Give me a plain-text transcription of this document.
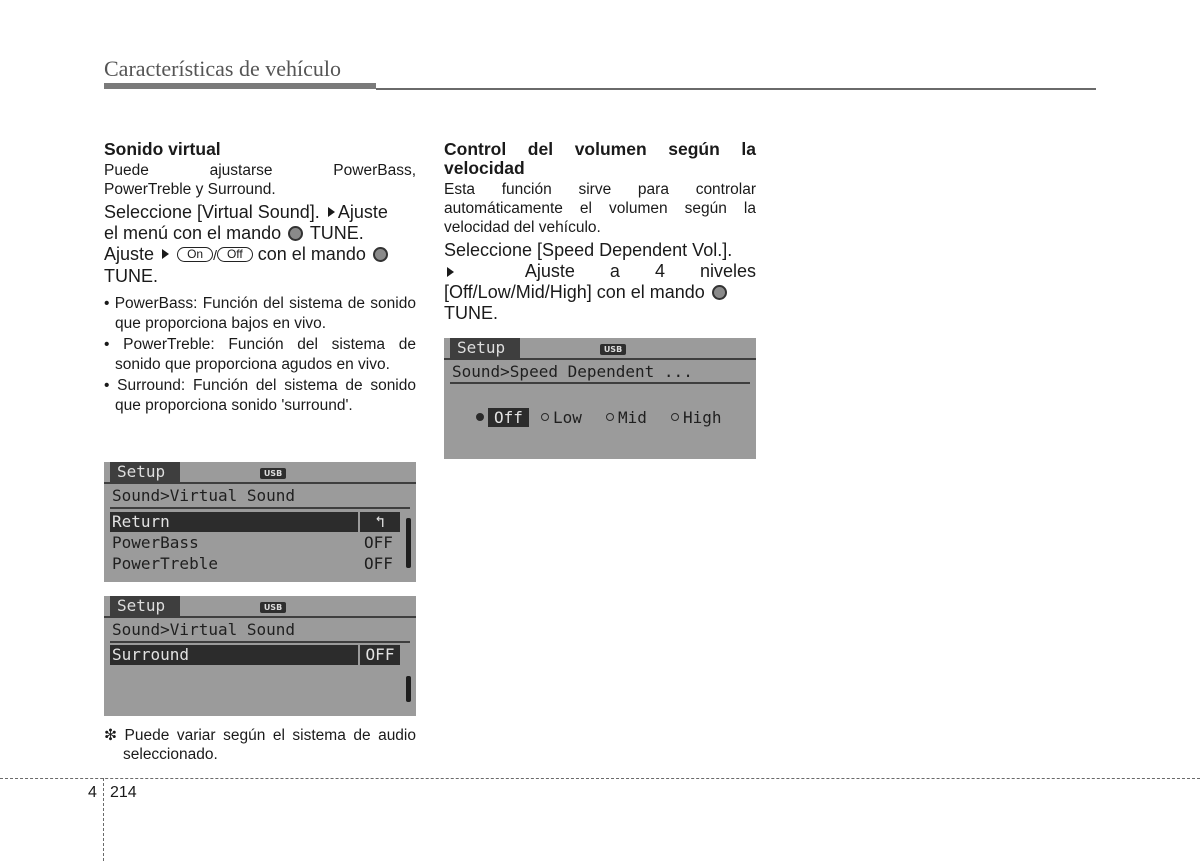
Características de vehículo
Sonido virtual

Puede ajustarse PowerBass,

PowerTreble y Surround.

Seleccione [Virtual Sound]. Ajuste
el menú con el mando TUNE.
Ajuste	On / Off con el mando
TUNE.

• PowerBass: Función del sistema de sonido que proporciona bajos en vivo.

• PowerTreble: Función del sistema de sonido que proporciona agudos en vivo.

• Surround: Función del sistema de sonido que proporciona sonido 'surround'.

Setup	USB
Sound>Virtual Sound
Return	↰
PowerBass	OFF
PowerTreble	OFF
Setup	USB
Sound>Virtual Sound
Surround	OFF

❇ Puede variar según el sistema de audio seleccionado.

Control del volumen según la
velocidad

Esta función sirve para controlar

automáticamente el volumen según la

velocidad del vehículo.

Seleccione [Speed Dependent Vol.].
Ajuste a 4 niveles
[Off/Low/Mid/High] con el mando
TUNE.
Setup	USB
Sound>Speed Dependent ...
Off	Low	Mid	High
4 214
